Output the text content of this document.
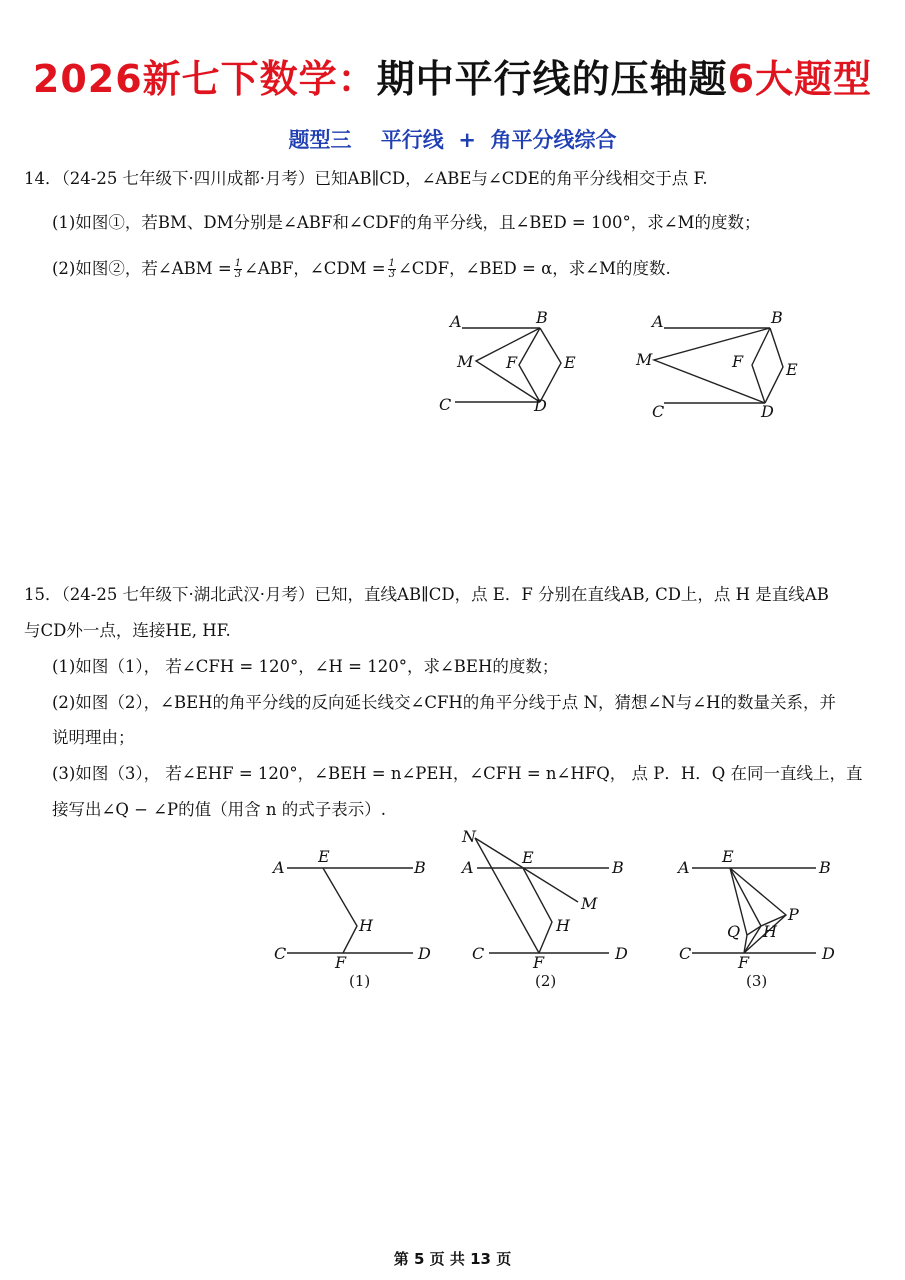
2026新七下数学：期中平行线的压轴题6大题型
题型三    平行线  +  角平分线综合
14．（24-25 七年级下·四川成都·月考）已知AB∥CD，∠ABE与∠CDE的角平分线相交于点 F.
(1)如图①，若BM、DM分别是∠ABF和∠CDF的角平分线，且∠BED = 100°，求∠M的度数；
(2)如图②，若∠ABM = $\frac{1}{3}$ ∠ABF，∠CDM = $\frac{1}{3}$ ∠CDF，∠BED = α，求∠M的度数.
A	B
M F	E
C	D
A	B
M	F	E
C	D
15．（24-25 七年级下·湖北武汉·月考）已知，直线AB∥CD，点 E．F 分别在直线AB, CD上，点 H 是直线AB
与CD外一点，连接HE, HF.
(1)如图（1）， 若∠CFH = 120°，∠H = 120°，求∠BEH的度数；
(2)如图（2），∠BEH的角平分线的反向延长线交∠CFH的角平分线于点 N，猜想∠N与∠H的数量关系，并
说明理由；
(3)如图（3）， 若∠EHF = 120°，∠BEH = n∠PEH，∠CFH = n∠HFQ， 点 P．H．Q 在同一直线上，直
接写出∠Q − ∠P的值（用含 n 的式子表示）.
A
E
B
H
C	F	D
(1)
N
A
E
B
M
H
C	F	D
(2)
A
E
B
P
Q H
C	F	D
(3)
第 5 页 共 13 页
